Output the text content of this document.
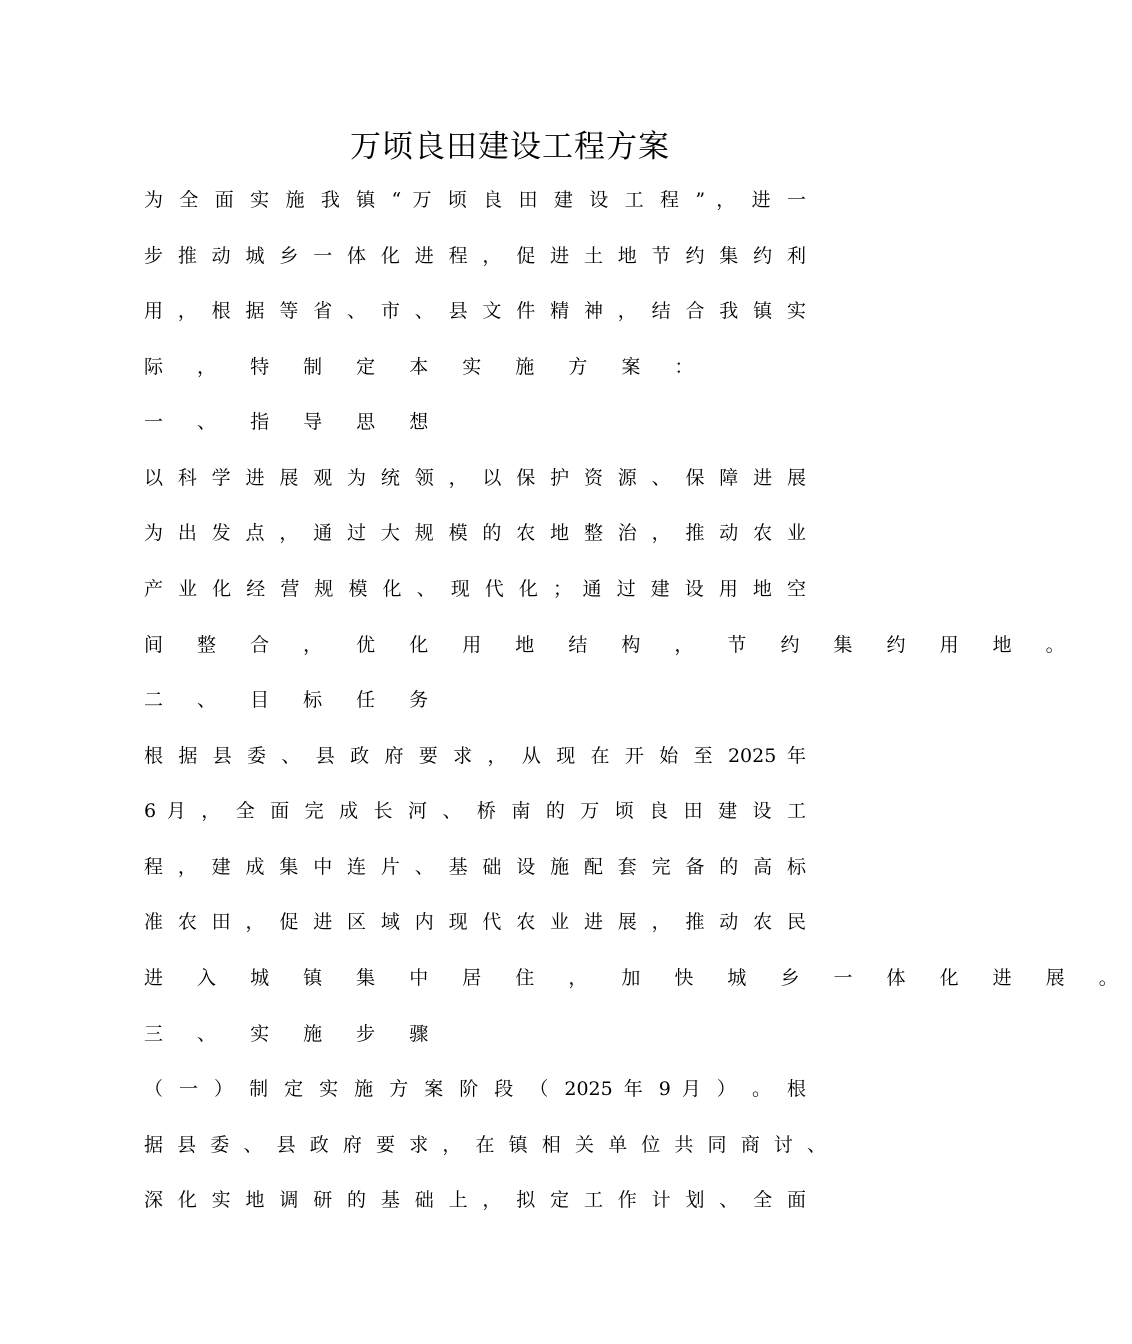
万顷良田建设工程方案
为 全 面 实 施 我 镇 “ 万 顷 良 田 建 设 工 程 ” ， 进 一
步 推 动 城 乡 一 体 化 进 程 ， 促 进 土 地 节 约 集 约 利
用 ， 根 据 等 省 、 市 、 县 文 件 精 神 ， 结 合 我 镇 实
际 ， 特 制 定 本 实 施 方 案 ：
一 、 指 导 思 想
以 科 学 进 展 观 为 统 领 ， 以 保 护 资 源 、 保 障 进 展
为 出 发 点 ， 通 过 大 规 模 的 农 地 整 治 ， 推 动 农 业
产 业 化 经 营 规 模 化 、 现 代 化 ； 通 过 建 设 用 地 空
间 整 合 ， 优 化 用 地 结 构 ， 节 约 集 约 用 地 。
二 、 目 标 任 务
根 据 县 委 、 县 政 府 要 求 ， 从 现 在 开 始 至 2025 年
6 月 ， 全 面 完 成 长 河 、 桥 南 的 万 顷 良 田 建 设 工
程 ， 建 成 集 中 连 片 、 基 础 设 施 配 套 完 备 的 高 标
准 农 田 ， 促 进 区 域 内 现 代 农 业 进 展 ， 推 动 农 民
进 入 城 镇 集 中 居 住 ， 加 快 城 乡 一 体 化 进 展 。
三 、 实 施 步 骤
（ 一 ） 制 定 实 施 方 案 阶 段 （ 2025 年 9 月 ） 。 根
据 县 委 、 县 政 府 要 求 ， 在 镇 相 关 单 位 共 同 商 讨 、
深 化 实 地 调 研 的 基 础 上 ， 拟 定 工 作 计 划 、 全 面
